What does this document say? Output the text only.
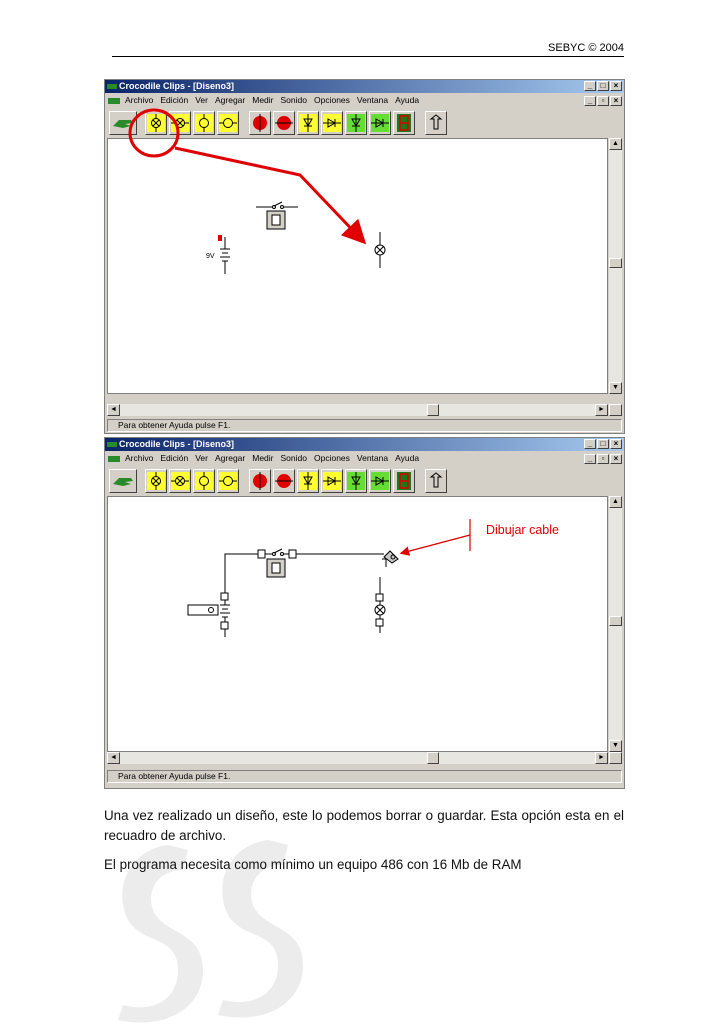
SEBYC © 2004
Crocodile Clips - [Diseno3]	_	□	×
Archivo Edición Ver Agregar Medir Sonido Opciones Ventana Ayuda	_	▫	×
9V
▲
▼
◄	►
Para obtener Ayuda pulse F1.
Crocodile Clips - [Diseno3]	_	□	×
Archivo Edición Ver Agregar Medir Sonido Opciones Ventana Ayuda	_	▫	×
▲
▼
◄	►
Para obtener Ayuda pulse F1.
Dibujar cable
Una vez realizado un diseño, este lo podemos borrar o guardar. Esta opción esta en el recuadro de archivo.
El programa necesita como mínimo un equipo 486 con 16 Mb de RAM
